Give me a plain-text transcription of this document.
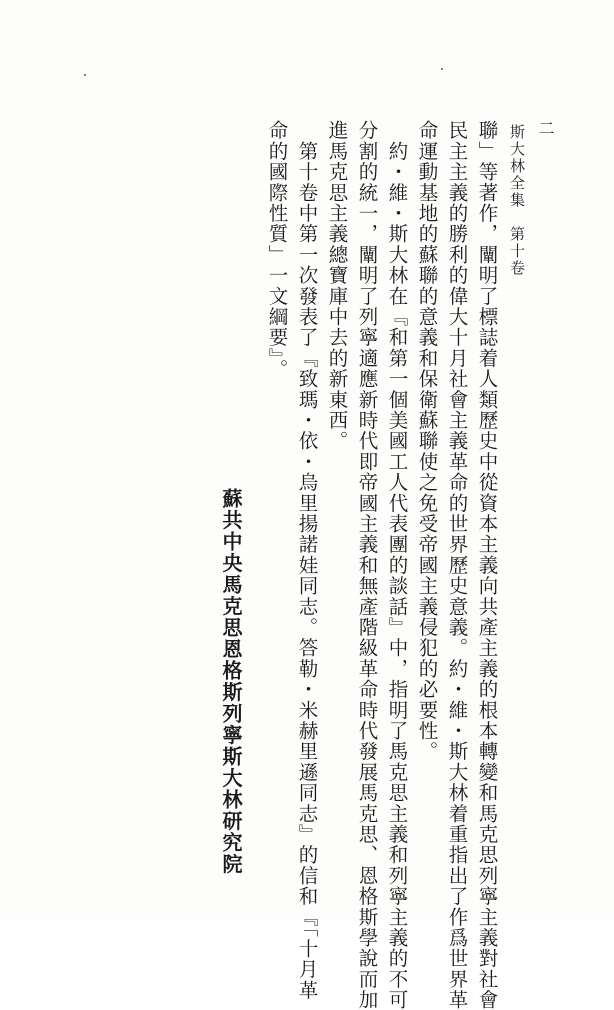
二
斯大林全集　第十卷
聯」等著作，闡明了標誌着人類歷史中從資本主義向共產主義的根本轉變和馬克思列寧主義對社會
民主主義的勝利的偉大十月社會主義革命的世界歷史意義。約・維・斯大林着重指出了作爲世界革
命運動基地的蘇聯的意義和保衛蘇聯使之免受帝國主義侵犯的必要性。
　約・維・斯大林在『和第一個美國工人代表團的談話』中，指明了馬克思主義和列寧主義的不可
分割的統一，闡明了列寧適應新時代即帝國主義和無產階級革命時代發展馬克思、恩格斯學說而加
進馬克思主義總寶庫中去的新東西。
　第十卷中第一次發表了『致瑪・依・烏里揚諾娃同志。答勒・米赫里遜同志』的信和『「十月革
命的國際性質」一文綱要』。
蘇共中央馬克思恩格斯列寧斯大林研究院
